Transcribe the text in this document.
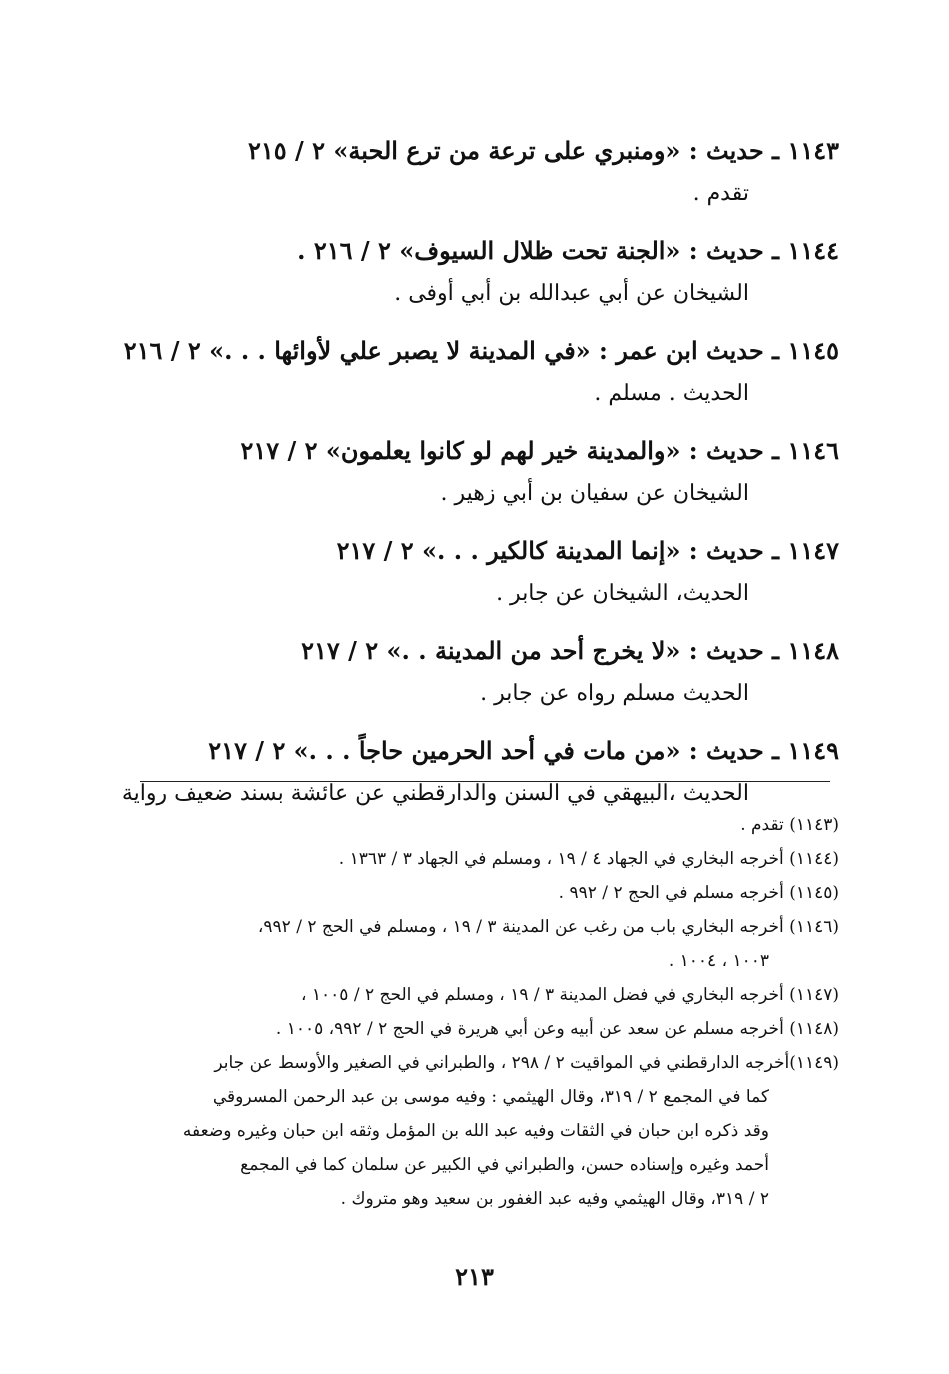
١١٤٣ ـ حديث : «ومنبري على ترعة من ترع الحبة» ٢ / ٢١٥
تقدم .
١١٤٤ ـ حديث : «الجنة تحت ظلال السيوف» ٢ / ٢١٦ .
الشيخان عن أبي عبدالله بن أبي أوفى .
١١٤٥ ـ حديث ابن عمر : «في المدينة لا يصبر علي لأوائها . . .» ٢ / ٢١٦
الحديث . مسلم .
١١٤٦ ـ حديث : «والمدينة خير لهم لو كانوا يعلمون» ٢ / ٢١٧
الشيخان عن سفيان بن أبي زهير .
١١٤٧ ـ حديث : «إنما المدينة كالكير . . .» ٢ / ٢١٧
الحديث، الشيخان عن جابر .
١١٤٨ ـ حديث : «لا يخرج أحد من المدينة . .» ٢ / ٢١٧
الحديث مسلم رواه عن جابر .
١١٤٩ ـ حديث : «من مات في أحد الحرمين حاجاً . . .» ٢ / ٢١٧
الحديث ،البيهقي في السنن والدارقطني عن عائشة بسند ضعيف رواية
(١١٤٣) تقدم .
(١١٤٤) أخرجه البخاري في الجهاد ٤ / ١٩ ، ومسلم في الجهاد ٣ / ١٣٦٣ .
(١١٤٥) أخرجه مسلم في الحج ٢ / ٩٩٢ .
(١١٤٦) أخرجه البخاري باب من رغب عن المدينة ٣ / ١٩ ، ومسلم في الحج ٢ / ٩٩٢،
١٠٠٣ ، ١٠٠٤ .
(١١٤٧) أخرجه البخاري في فضل المدينة ٣ / ١٩ ، ومسلم في الحج ٢ / ١٠٠٥ ،
(١١٤٨) أخرجه مسلم عن سعد عن أبيه وعن أبي هريرة في الحج ٢ / ٩٩٢، ١٠٠٥ .
(١١٤٩)أخرجه الدارقطني في المواقيت ٢ / ٢٩٨ ، والطبراني في الصغير والأوسط عن جابر
كما في المجمع ٢ / ٣١٩، وقال الهيثمي : وفيه موسى بن عبد الرحمن المسروقي
وقد ذكره ابن حبان في الثقات وفيه عبد الله بن المؤمل وثقه ابن حبان وغيره وضعفه
أحمد وغيره وإسناده حسن، والطبراني في الكبير عن سلمان كما في المجمع
٢ / ٣١٩، وقال الهيثمي وفيه عبد الغفور بن سعيد وهو متروك .
٢١٣
